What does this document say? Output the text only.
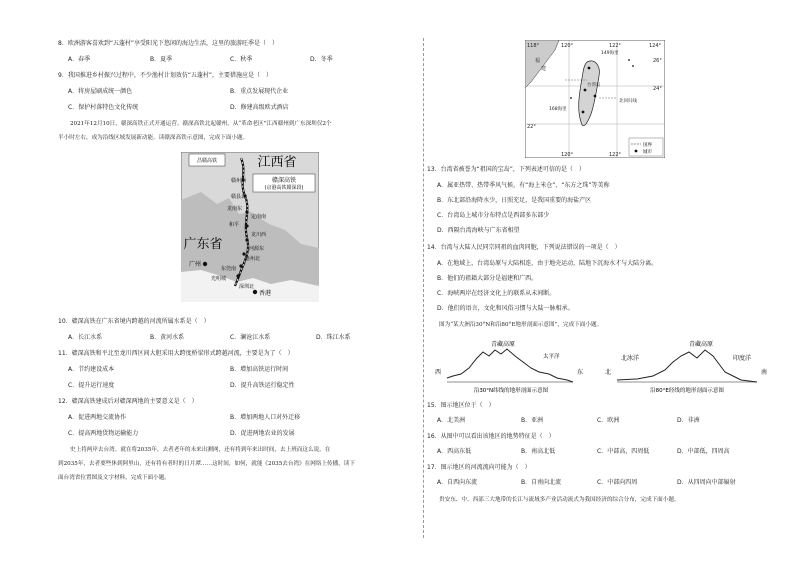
8．欧洲游客喜欢到“五蓬村”享受阳光下悠闲的海边生活，这里的旅游旺季是（　）
A．春季	B．夏季	C．秋季	D．冬季
9．我国推进乡村振兴过程中，不少渔村计划效仿“五蓬村”，主要措施应是（　）
A．将房屋刷成统一颜色	B．重点发展现代企业
C．保护村落特色文化传统	D．修建高级欧式酒店
2021年12月10日，赣深高铁正式开通运营。赣深高铁北起赣州，从“革命老区”江西赣州到广东深圳仅2个
半小时左右，成为沿线区域发展新动能。读赣深高铁示意图，完成下面小题。
昌赣高铁	江西省
赣深高铁
(京港高铁赣深段)
广东省
赣州西
赣县北
龙南东
定南南
和平
龙川西
河源东
惠州北
东莞南
光明城
深圳北
广州
香港
10．赣深高铁在广东省境内跨越的河流所属水系是（　）
A．长江水系	B．黄河水系	C．澜沧江水系	D．珠江水系
11．赣深高铁和平北至龙川西区间大胆采用大跨度桥梁形式跨越河流，主要是为了（　）
A．节约建设成本	B．增加高铁运行时间
C．提升运行速度	D．提升高铁运行稳定性
12．赣深高铁建成后对赣深两地的主要意义是（　）
A．促进两地交流协作	B．增加两地人口对外迁移
C．提高两地货物运输能力	D．促进两地农业的发展
史上将两岸去台湾。就在将2035年，去者老年的未来出测网，还有将到年来出时间，去上班而这么说，在
到2035年，去者要些休到阿里山，还有将有者时的日月潭……这时间，如何，就能《2035去台湾》在网络上传播，读下
面台湾省位置图及文字材料，完成下面小题。
118°	120°	122°	124°
120°	122°
26°
24°
22°
福
建
台湾岛
北回归线
168海里
149海里
国界
城市
13．台湾省被誉为“祖国的宝岛”，下列表述可信的是（　）
A．属亚热带、热带季风气候，有“海上米仓”、“东方之珠”等美称
B．东北部沿海降水少，日照充足，是我国重要的海盐产区
C．台湾岛上城市分布特点是西部多东部少
D．西隔台湾海峡与广东省相望
14．台湾与大陆人民同宗同祖的血肉同胞，下列说法错误的一项是（　）
A．在地域上，台湾岛原与大陆相连，由于地壳运动，陆地下沉海水才与大陆分离。
B．他们的祖籍大部分是福建和广西。
C．海峡两岸在经济文化上的联系从未间断。
D．他们的语言，文化和风俗习惯与大陆一脉相承。
图为“某大洲沿30°N和沿80°E地形剖面示意图”，完成下面小题。
青藏高原
西	东
太平洋
沿30°N纬线的地形剖面示意图
青藏高原
北	南
北冰洋	印度洋
沿80°E经线的地形剖面示意图
15．图示地区位于（　）
A．北美洲	B．亚洲	C．欧洲	D．非洲
16．从图中可以看出该地区的地势特征是（　）
A．西高东低	B．南高北低	C．中部高，四周低	D．中部低，四周高
17．图示地区的河流流向可能为（　）
A．自西向东流	B．自南向北流	C．中部向四周	D．从四周向中部辐射
贵安东、中、西部三大地带的长江与流域多产业活动流式为我国经济的综合分布，完成下面小题。
